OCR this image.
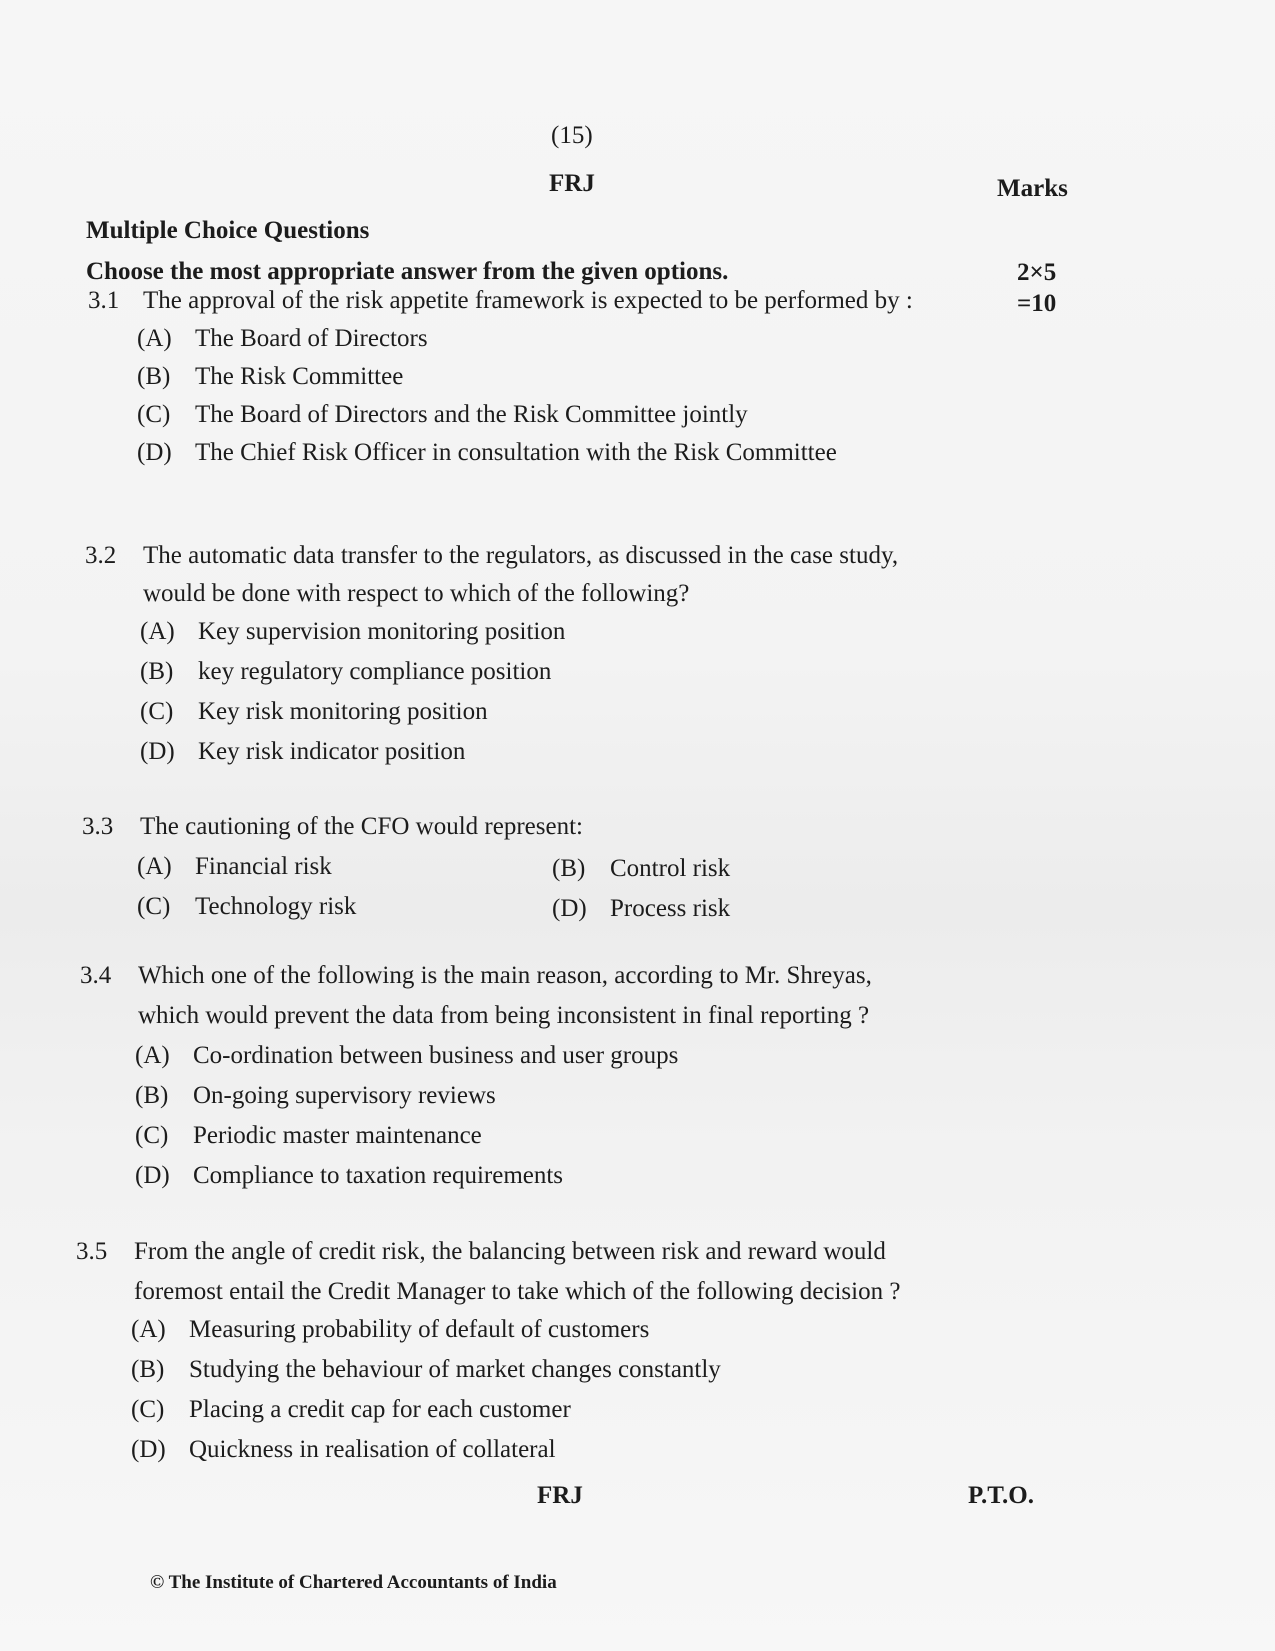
(15)
FRJ	Marks
Multiple Choice Questions
Choose the most appropriate answer from the given options.	2×5
=10
3.1 The approval of the risk appetite framework is expected to be performed by :
(A) The Board of Directors
(B) The Risk Committee
(C) The Board of Directors and the Risk Committee jointly
(D) The Chief Risk Officer in consultation with the Risk Committee
3.2 The automatic data transfer to the regulators, as discussed in the case study,
would be done with respect to which of the following?
(A) Key supervision monitoring position
(B) key regulatory compliance position
(C) Key risk monitoring position
(D) Key risk indicator position
3.3 The cautioning of the CFO would represent:
(A) Financial risk	(B) Control risk
(C) Technology risk	(D) Process risk
3.4 Which one of the following is the main reason, according to Mr. Shreyas,
which would prevent the data from being inconsistent in final reporting ?
(A) Co-ordination between business and user groups
(B) On-going supervisory reviews
(C) Periodic master maintenance
(D) Compliance to taxation requirements
3.5 From the angle of credit risk, the balancing between risk and reward would
foremost entail the Credit Manager to take which of the following decision ?
(A) Measuring probability of default of customers
(B) Studying the behaviour of market changes constantly
(C) Placing a credit cap for each customer
(D) Quickness in realisation of collateral
FRJ	P.T.O.
© The Institute of Chartered Accountants of India
